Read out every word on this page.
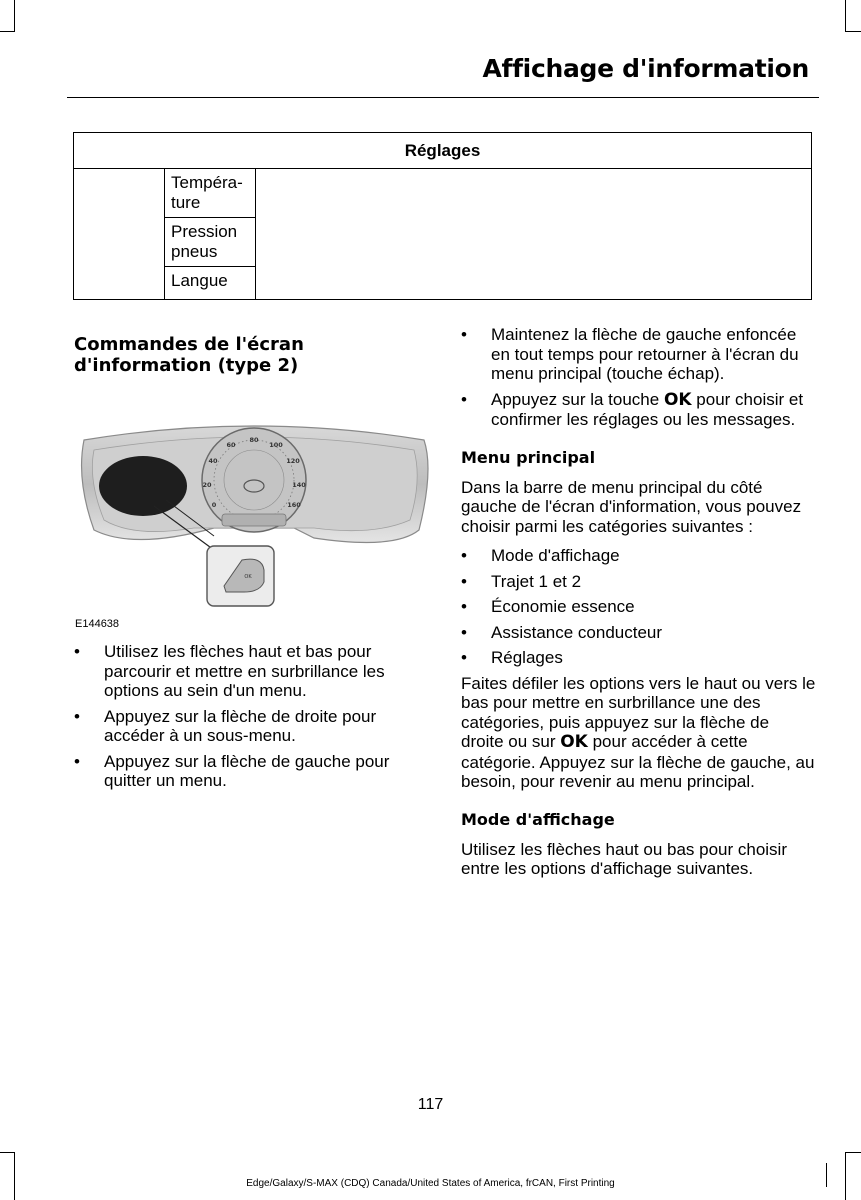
Affichage d'information
Réglages

Tempéra-
ture

Pression
pneus

Langue
Commandes de l'écran
d'information (type 2)
0
20
40
60
80
100
120
140
160
OK
E144638
• Utilisez les flèches haut et bas pour parcourir et mettre en surbrillance les options au sein d'un menu.
• Appuyez sur la flèche de droite pour accéder à un sous-menu.
• Appuyez sur la flèche de gauche pour quitter un menu.
• Maintenez la flèche de gauche enfoncée en tout temps pour retourner à l'écran du menu principal (touche échap).
• Appuyez sur la touche OK pour choisir et confirmer les réglages ou les messages.
Menu principal

Dans la barre de menu principal du côté gauche de l'écran d'information, vous pouvez choisir parmi les catégories suivantes :

• Mode d'affichage
• Trajet 1 et 2
• Économie essence
• Assistance conducteur
• Réglages

Faites défiler les options vers le haut ou vers le bas pour mettre en surbrillance une des catégories, puis appuyez sur la flèche de droite ou sur OK pour accéder à cette catégorie. Appuyez sur la flèche de gauche, au besoin, pour revenir au menu principal.

Mode d'affichage

Utilisez les flèches haut ou bas pour choisir entre les options d'affichage suivantes.

117
Edge/Galaxy/S-MAX (CDQ) Canada/United States of America, frCAN, First Printing
